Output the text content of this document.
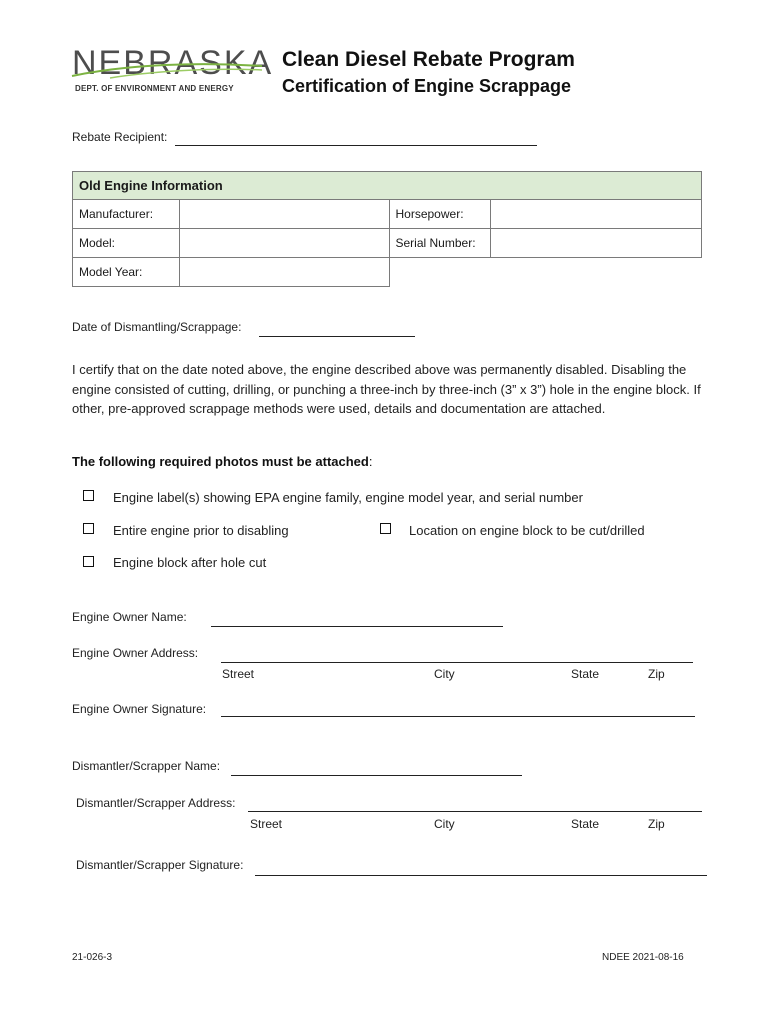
NEBRASKA
DEPT. OF ENVIRONMENT AND ENERGY
Clean Diesel Rebate Program
Certification of Engine Scrappage
Rebate Recipient:
Old Engine Information			
Manufacturer:		Horsepower:	
Model:		Serial Number:	
Model Year:			
Date of Dismantling/Scrappage:
I certify that on the date noted above, the engine described above was permanently disabled. Disabling the engine consisted of cutting, drilling, or punching a three-inch by three-inch (3” x 3”) hole in the engine block. If other, pre-approved scrappage methods were used, details and documentation are attached.
The following required photos must be attached:
Engine label(s) showing EPA engine family, engine model year, and serial number
Entire engine prior to disabling	Location on engine block to be cut/drilled
Engine block after hole cut
Engine Owner Name:
Engine Owner Address:
Street	City	State	Zip
Engine Owner Signature:
Dismantler/Scrapper Name:
Dismantler/Scrapper Address:
Street	City	State	Zip
Dismantler/Scrapper Signature:
21-026-3	NDEE 2021-08-16
